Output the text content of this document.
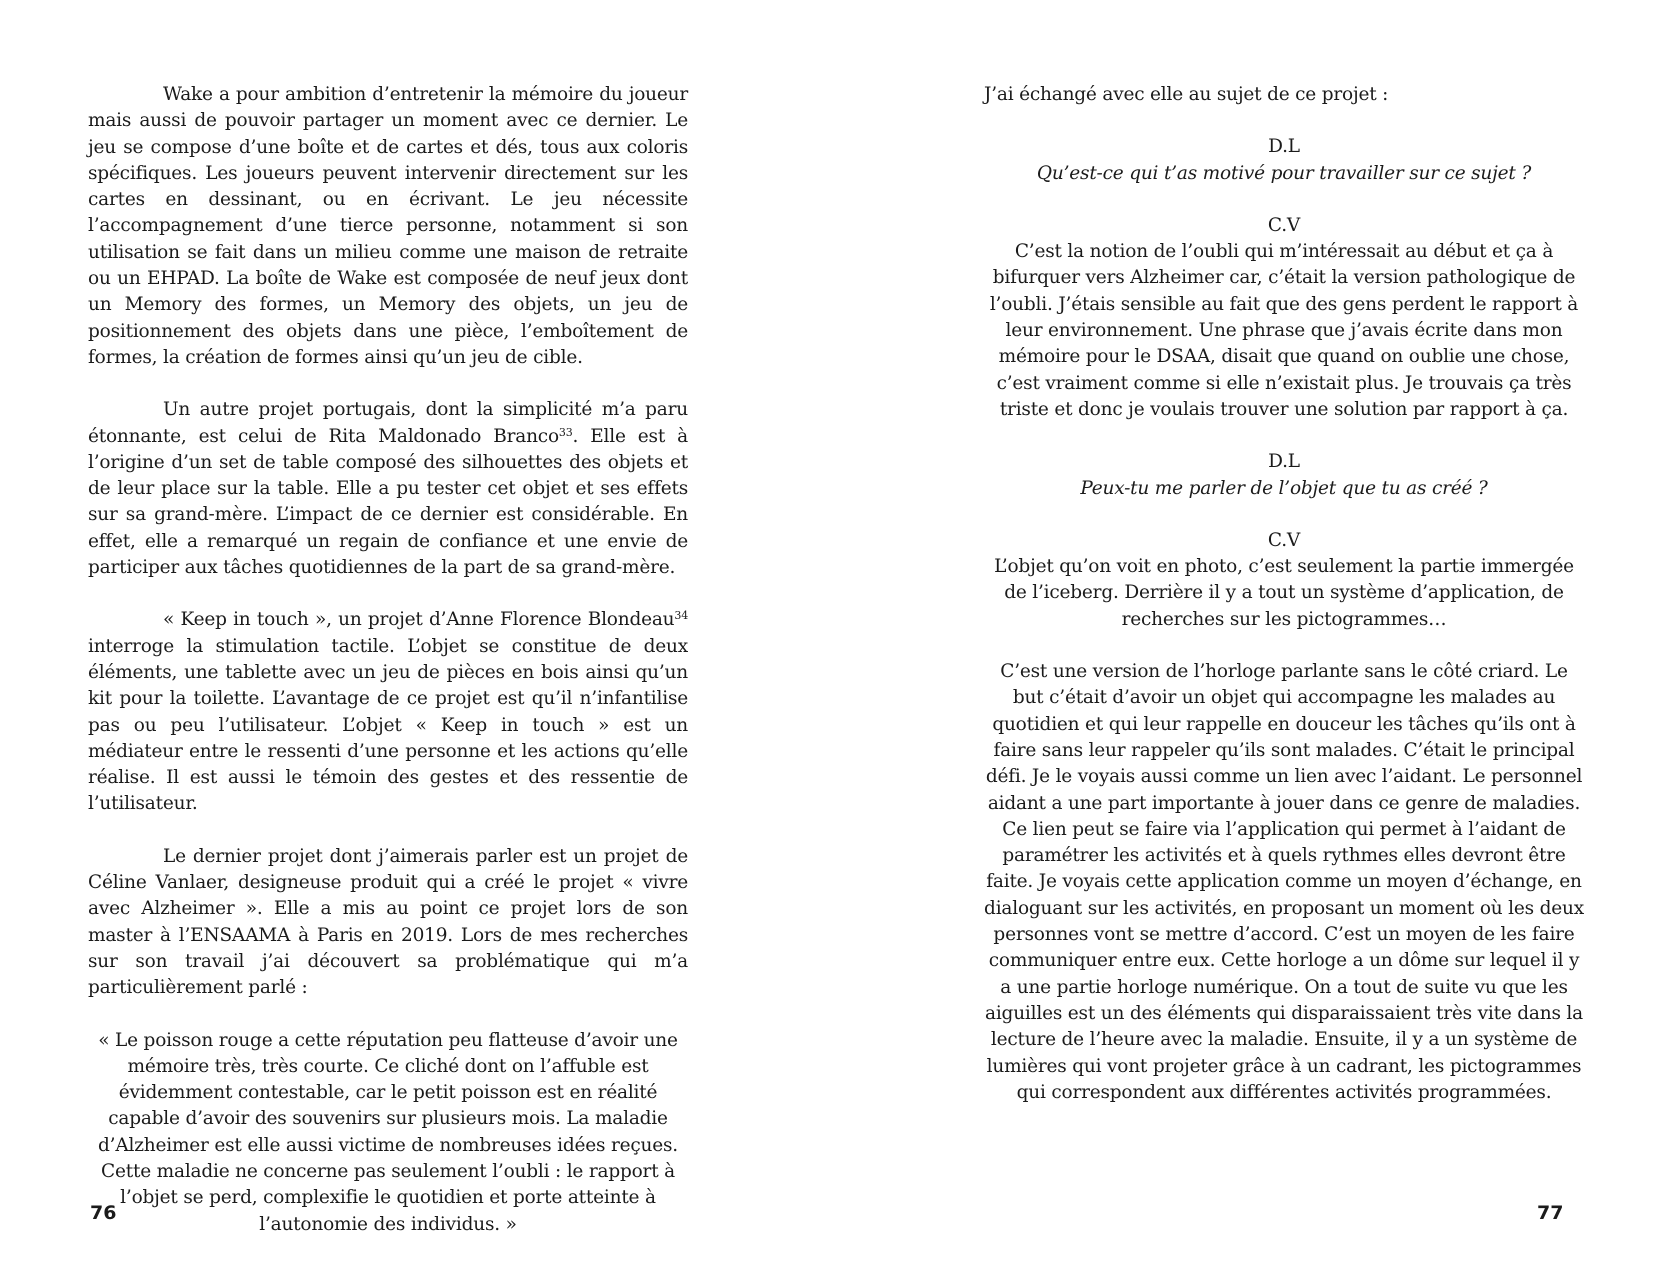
Wake a pour ambition d’entretenir la mémoire du joueur mais aussi de pouvoir partager un moment avec ce dernier. Le jeu se compose d’une boîte et de cartes et dés, tous aux coloris spécifiques. Les joueurs peuvent intervenir directement sur les cartes en dessinant, ou en écrivant. Le jeu nécessite l’accompagnement d’une tierce personne, notamment si son utilisation se fait dans un milieu comme une maison de retraite ou un EHPAD. La boîte de Wake est composée de neuf jeux dont un Memory des formes, un Memory des objets, un jeu de positionnement des objets dans une pièce, l’emboîtement de formes, la création de formes ainsi qu’un jeu de cible.

Un autre projet portugais, dont la simplicité m’a paru étonnante, est celui de Rita Maldonado Branco$^{33}$. Elle est à l’origine d’un set de table composé des silhouettes des objets et de leur place sur la table. Elle a pu tester cet objet et ses effets sur sa grand-mère. L’impact de ce dernier est considérable. En effet, elle a remarqué un regain de confiance et une envie de participer aux tâches quotidiennes de la part de sa grand-mère.

« Keep in touch », un projet d’Anne Florence Blondeau$^{34}$ interroge la stimulation tactile. L’objet se constitue de deux éléments, une tablette avec un jeu de pièces en bois ainsi qu’un kit pour la toilette. L’avantage de ce projet est qu’il n’infantilise pas ou peu l’utilisateur. L’objet « Keep in touch » est un médiateur entre le ressenti d’une personne et les actions qu’elle réalise. Il est aussi le témoin des gestes et des ressentie de l’utilisateur.

Le dernier projet dont j’aimerais parler est un projet de Céline Vanlaer, designeuse produit qui a créé le projet « vivre avec Alzheimer ». Elle a mis au point ce projet lors de son master à l’ENSAAMA à Paris en 2019. Lors de mes recherches sur son travail j’ai découvert sa problématique qui m’a particulièrement parlé :

« Le poisson rouge a cette réputation peu flatteuse d’avoir une mémoire très, très courte. Ce cliché dont on l’affuble est évidemment contestable, car le petit poisson est en réalité capable d’avoir des souvenirs sur plusieurs mois. La maladie d’Alzheimer est elle aussi victime de nombreuses idées reçues. Cette maladie ne concerne pas seulement l’oubli : le rapport à l’objet se perd, complexifie le quotidien et porte atteinte à l’autonomie des individus. »

76

J’ai échangé avec elle au sujet de ce projet :

D.L

Qu’est-ce qui t’as motivé pour travailler sur ce sujet ?

C.V

C’est la notion de l’oubli qui m’intéressait au début et ça à bifurquer vers Alzheimer car, c’était la version pathologique de l’oubli. J’étais sensible au fait que des gens perdent le rapport à leur environnement. Une phrase que j’avais écrite dans mon mémoire pour le DSAA, disait que quand on oublie une chose, c’est vraiment comme si elle n’existait plus. Je trouvais ça très triste et donc je voulais trouver une solution par rapport à ça.

D.L

Peux-tu me parler de l’objet que tu as créé ?

C.V

L’objet qu’on voit en photo, c’est seulement la partie immergée de l’iceberg. Derrière il y a tout un système d’application, de recherches sur les pictogrammes…

C’est une version de l’horloge parlante sans le côté criard. Le but c’était d’avoir un objet qui accompagne les malades au quotidien et qui leur rappelle en douceur les tâches qu’ils ont à faire sans leur rappeler qu’ils sont malades. C’était le principal défi. Je le voyais aussi comme un lien avec l’aidant. Le personnel aidant a une part importante à jouer dans ce genre de maladies. Ce lien peut se faire via l’application qui permet à l’aidant de paramétrer les activités et à quels rythmes elles devront être faite. Je voyais cette application comme un moyen d’échange, en dialoguant sur les activités, en proposant un moment où les deux personnes vont se mettre d’accord. C’est un moyen de les faire communiquer entre eux. Cette horloge a un dôme sur lequel il y a une partie horloge numérique. On a tout de suite vu que les aiguilles est un des éléments qui disparaissaient très vite dans la lecture de l’heure avec la maladie. Ensuite, il y a un système de lumières qui vont projeter grâce à un cadrant, les pictogrammes qui correspondent aux différentes activités programmées.

77
